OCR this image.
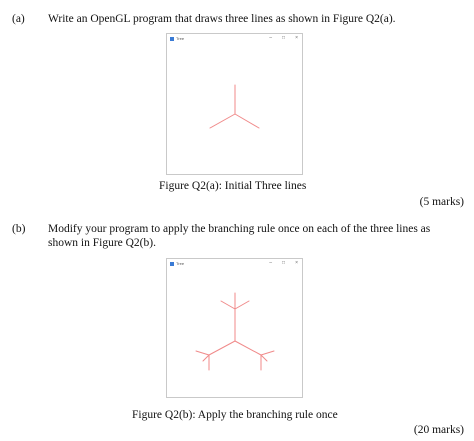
(a) Write an OpenGL program that draws three lines as shown in Figure Q2(a).
Tree	– □ ×
Figure Q2(a): Initial Three lines
(5 marks)
(b) Modify your program to apply the branching rule once on each of the three lines as
shown in Figure Q2(b).
Tree	– □ ×
Figure Q2(b): Apply the branching rule once
(20 marks)
